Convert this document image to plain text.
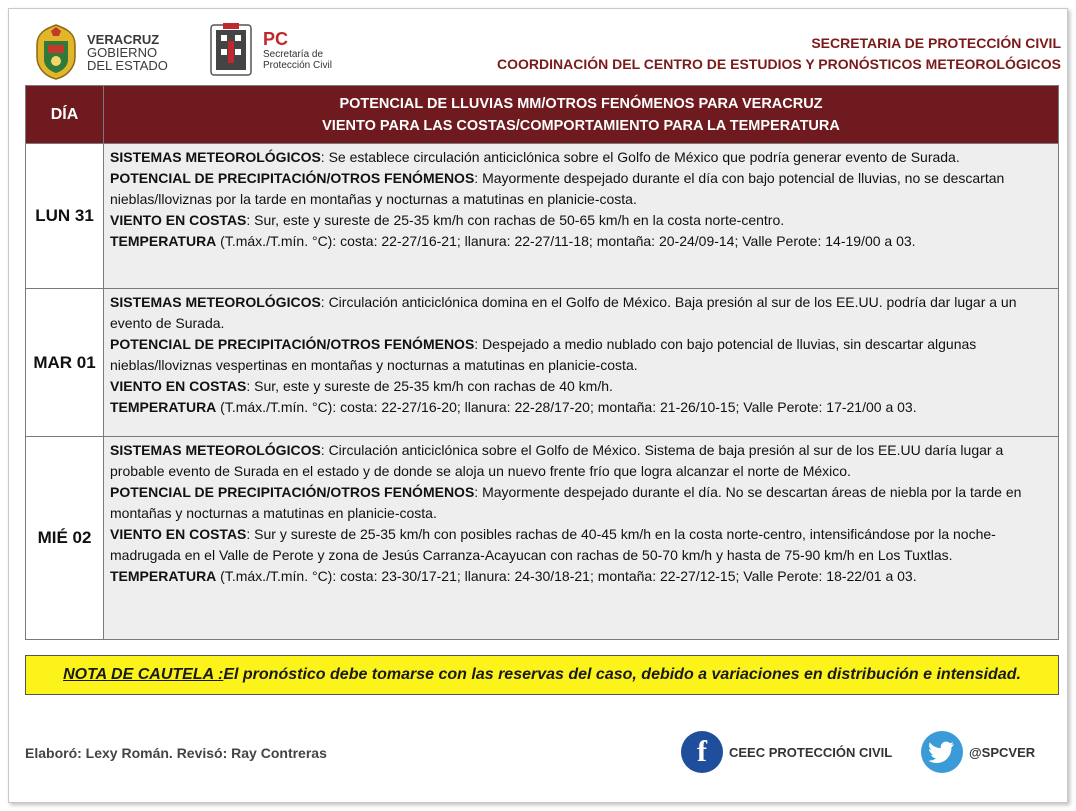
VERACRUZ
GOBIERNO
DEL ESTADO
PC
Secretaría de
Protección Civil
SECRETARIA DE PROTECCIÓN CIVIL
COORDINACIÓN DEL CENTRO DE ESTUDIOS Y PRONÓSTICOS METEOROLÓGICOS
DÍA	POTENCIAL DE LLUVIAS MM/OTROS FENÓMENOS PARA VERACRUZ
VIENTO PARA LAS COSTAS/COMPORTAMIENTO PARA LA TEMPERATURA

LUN 31	SISTEMAS METEOROLÓGICOS: Se establece circulación anticiclónica sobre el Golfo de México que podría generar evento de Surada.

POTENCIAL DE PRECIPITACIÓN/OTROS FENÓMENOS: Mayormente despejado durante el día con bajo potencial de lluvias, no se descartan nieblas/lloviznas por la tarde en montañas y nocturnas a matutinas en planicie-costa.

VIENTO EN COSTAS: Sur, este y sureste de 25-35 km/h con rachas de 50-65 km/h en la costa norte-centro.

TEMPERATURA (T.máx./T.mín. °C): costa: 22-27/16-21; llanura: 22-27/11-18; montaña: 20-24/09-14; Valle Perote: 14-19/00 a 03.

MAR 01	SISTEMAS METEOROLÓGICOS: Circulación anticiclónica domina en el Golfo de México. Baja presión al sur de los EE.UU. podría dar lugar a un evento de Surada.

POTENCIAL DE PRECIPITACIÓN/OTROS FENÓMENOS: Despejado a medio nublado con bajo potencial de lluvias, sin descartar algunas nieblas/lloviznas vespertinas en montañas y nocturnas a matutinas en planicie-costa.

VIENTO EN COSTAS: Sur, este y sureste de 25-35 km/h con rachas de 40 km/h.

TEMPERATURA (T.máx./T.mín. °C): costa: 22-27/16-20; llanura: 22-28/17-20; montaña: 21-26/10-15; Valle Perote: 17-21/00 a 03.

MIÉ 02	SISTEMAS METEOROLÓGICOS: Circulación anticiclónica sobre el Golfo de México. Sistema de baja presión al sur de los EE.UU daría lugar a probable evento de Surada en el estado y de donde se aloja un nuevo frente frío que logra alcanzar el norte de México.

POTENCIAL DE PRECIPITACIÓN/OTROS FENÓMENOS: Mayormente despejado durante el día. No se descartan áreas de niebla por la tarde en montañas y nocturnas a matutinas en planicie-costa.

VIENTO EN COSTAS: Sur y sureste de 25-35 km/h con posibles rachas de 40-45 km/h en la costa norte-centro, intensificándose por la noche-madrugada en el Valle de Perote y zona de Jesús Carranza-Acayucan con rachas de 50-70 km/h y hasta de 75-90 km/h en Los Tuxtlas.

TEMPERATURA (T.máx./T.mín. °C): costa: 23-30/17-21; llanura: 24-30/18-21; montaña: 22-27/12-15; Valle Perote: 18-22/01 a 03.

NOTA DE CAUTELA : El pronóstico debe tomarse con las reservas del caso, debido a variaciones en distribución e intensidad.
Elaboró: Lexy Román. Revisó: Ray Contreras	f	CEEC PROTECCIÓN CIVIL	@SPCVER
